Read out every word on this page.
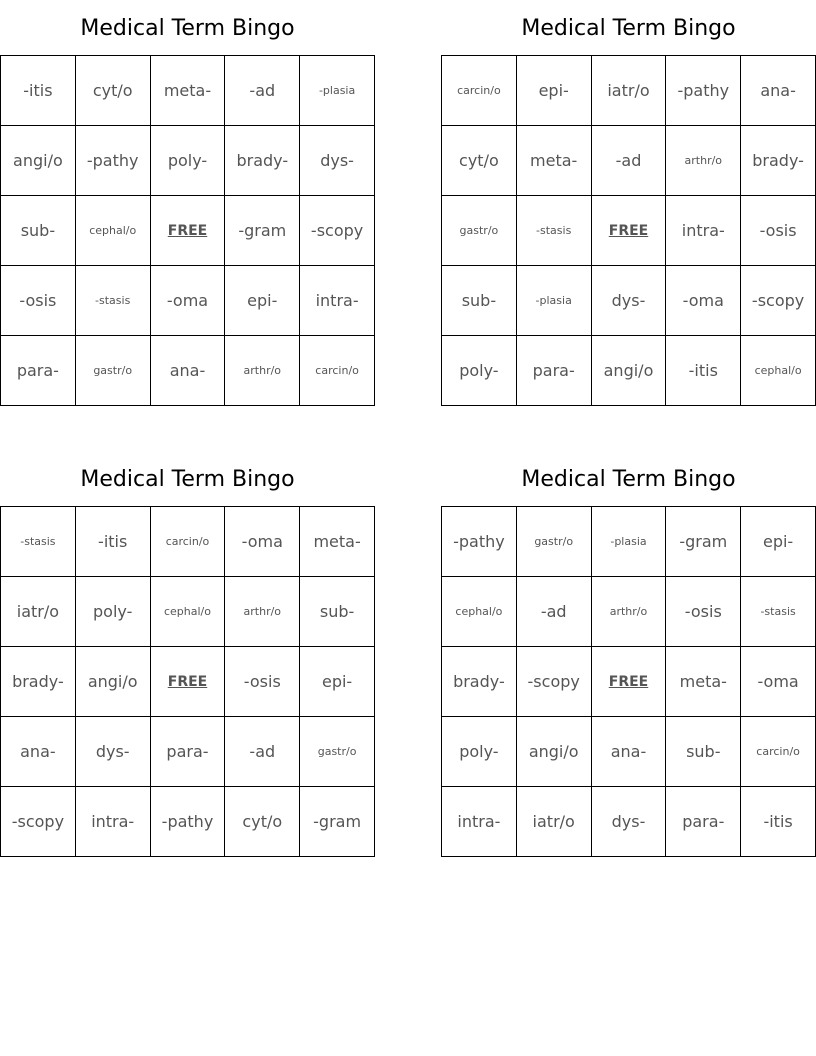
Medical Term Bingo
-itis	cyt/o	meta-	-ad	-plasia
angi/o	-pathy	poly-	brady-	dys-
sub-	cephal/o	FREE	-gram	-scopy
-osis	-stasis	-oma	epi-	intra-
para-	gastr/o	ana-	arthr/o	carcin/o
Medical Term Bingo
carcin/o	epi-	iatr/o	-pathy	ana-
cyt/o	meta-	-ad	arthr/o	brady-
gastr/o	-stasis	FREE	intra-	-osis
sub-	-plasia	dys-	-oma	-scopy
poly-	para-	angi/o	-itis	cephal/o
Medical Term Bingo
-stasis	-itis	carcin/o	-oma	meta-
iatr/o	poly-	cephal/o	arthr/o	sub-
brady-	angi/o	FREE	-osis	epi-
ana-	dys-	para-	-ad	gastr/o
-scopy	intra-	-pathy	cyt/o	-gram
Medical Term Bingo
-pathy	gastr/o	-plasia	-gram	epi-
cephal/o	-ad	arthr/o	-osis	-stasis
brady-	-scopy	FREE	meta-	-oma
poly-	angi/o	ana-	sub-	carcin/o
intra-	iatr/o	dys-	para-	-itis
